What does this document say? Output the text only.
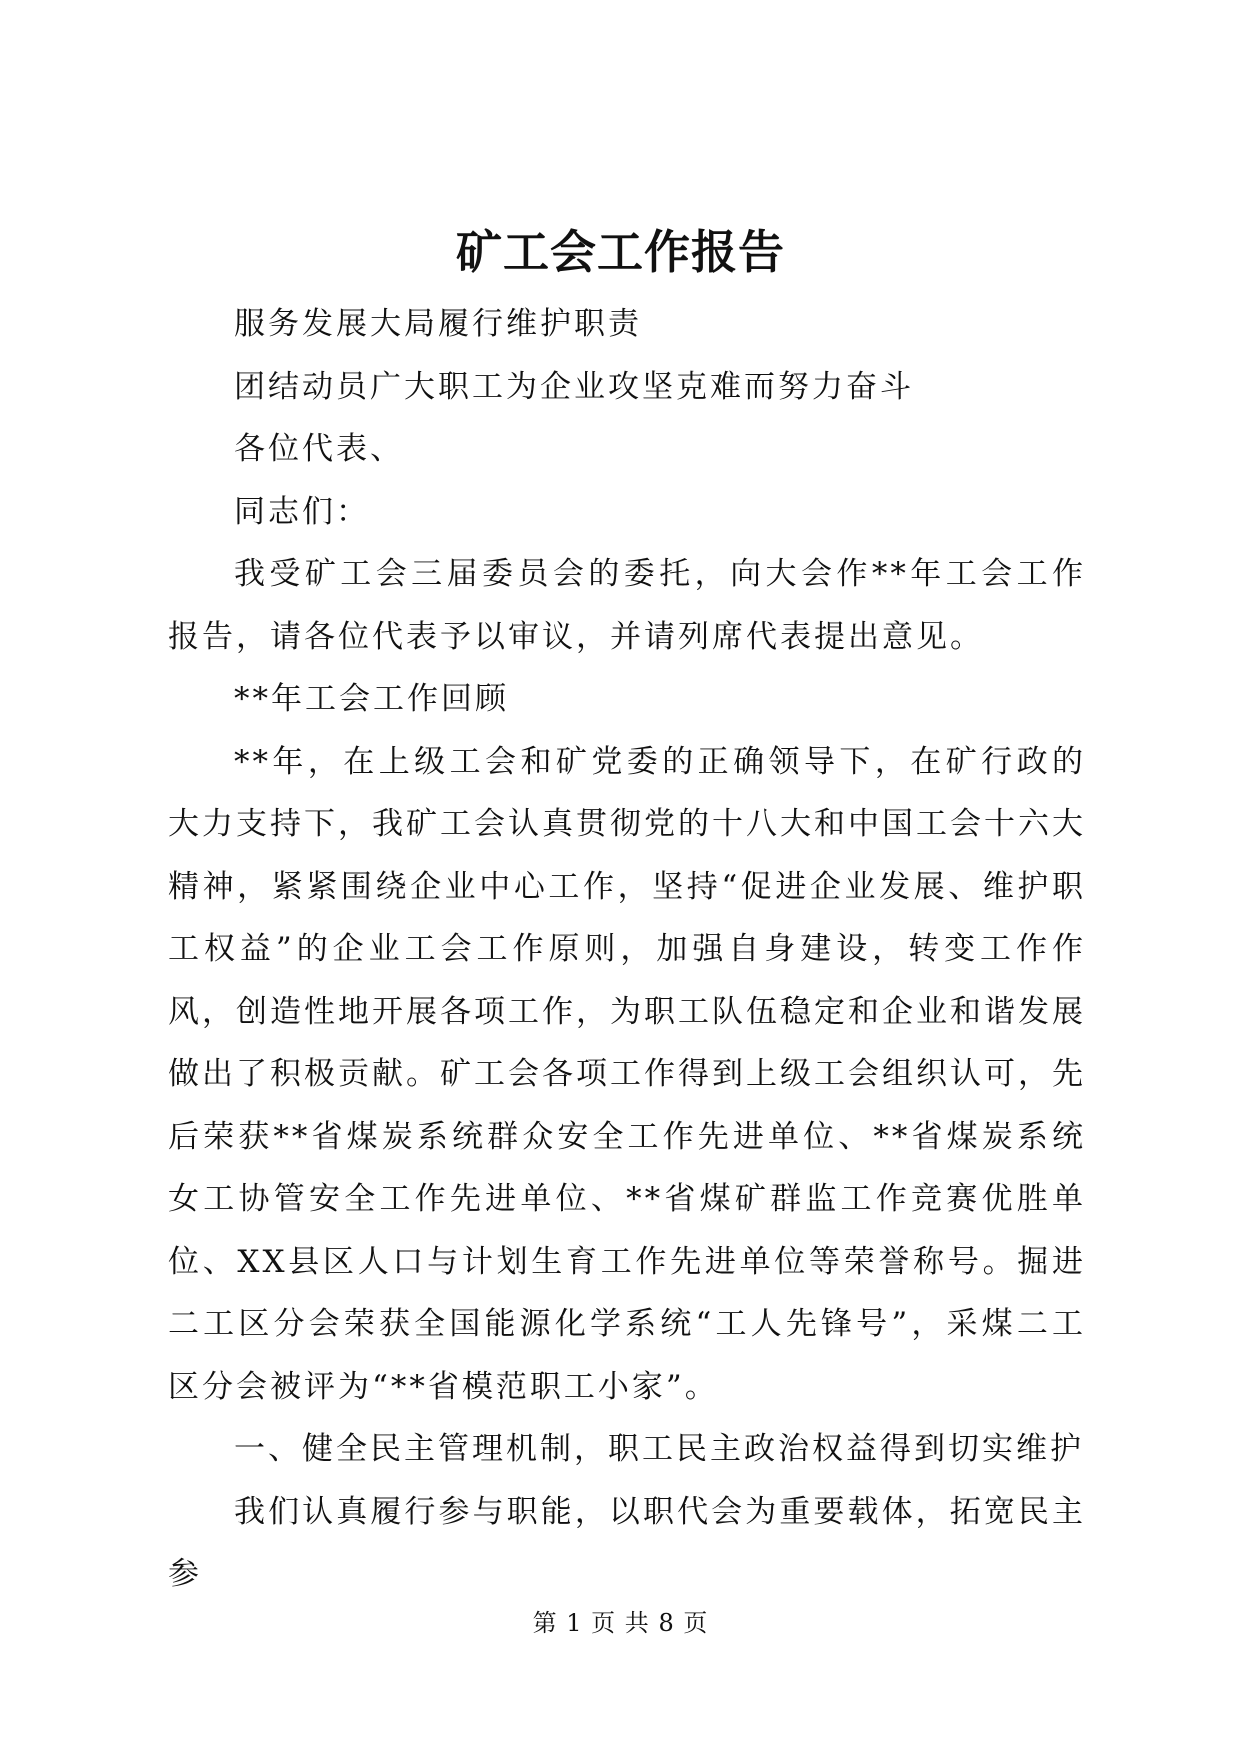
矿工会工作报告

服务发展大局履行维护职责

团结动员广大职工为企业攻坚克难而努力奋斗

各位代表、

同志们：

我受矿工会三届委员会的委托，向大会作**年工会工作报告，请各位代表予以审议，并请列席代表提出意见。

**年工会工作回顾

**年，在上级工会和矿党委的正确领导下，在矿行政的大力支持下，我矿工会认真贯彻党的十八大和中国工会十六大精神，紧紧围绕企业中心工作，坚持“促进企业发展、维护职工权益”的企业工会工作原则，加强自身建设，转变工作作风，创造性地开展各项工作，为职工队伍稳定和企业和谐发展做出了积极贡献。矿工会各项工作得到上级工会组织认可，先后荣获**省煤炭系统群众安全工作先进单位、**省煤炭系统女工协管安全工作先进单位、**省煤矿群监工作竞赛优胜单位、XX县区人口与计划生育工作先进单位等荣誉称号。掘进二工区分会荣获全国能源化学系统“工人先锋号”，采煤二工区分会被评为“**省模范职工小家”。

一、健全民主管理机制，职工民主政治权益得到切实维护

我们认真履行参与职能，以职代会为重要载体，拓宽民主参

第 1 页 共 8 页
